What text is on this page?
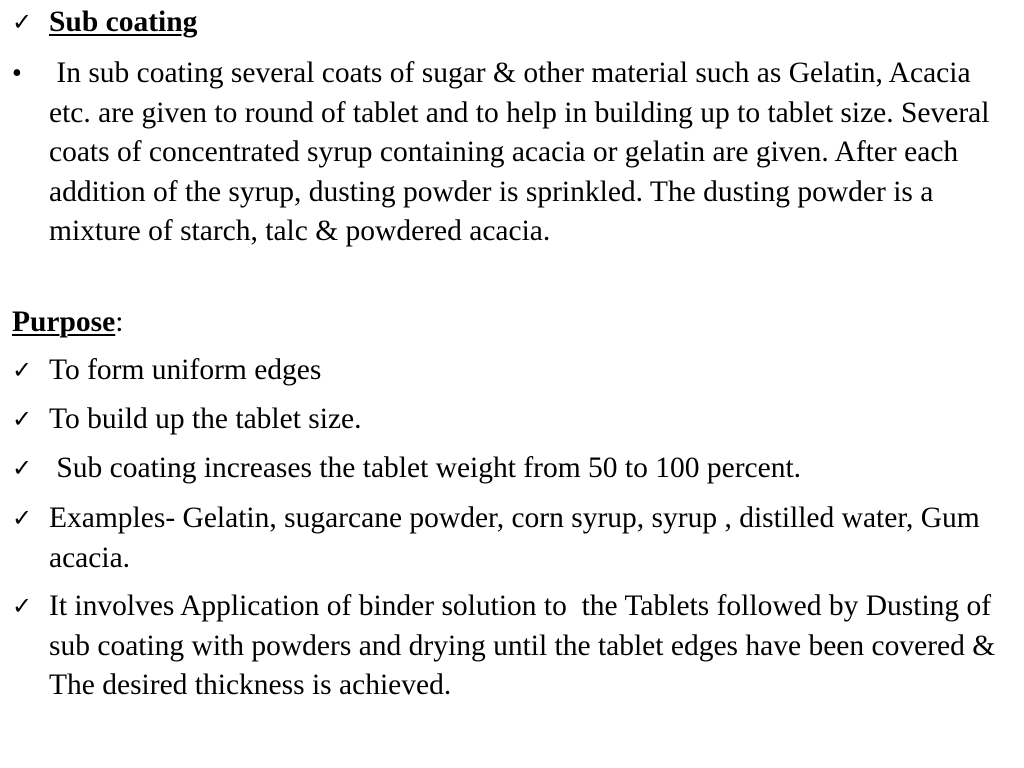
✓ Sub coating
• In sub coating several coats of sugar & other material such as Gelatin, Acacia etc. are given to round of tablet and to help in building up to tablet size. Several coats of concentrated syrup containing acacia or gelatin are given. After each addition of the syrup, dusting powder is sprinkled. The dusting powder is a mixture of starch, talc & powdered acacia.
Purpose:
✓ To form uniform edges
✓ To build up the tablet size.
✓ Sub coating increases the tablet weight from 50 to 100 percent.
✓ Examples- Gelatin, sugarcane powder, corn syrup, syrup , distilled water, Gum acacia.
✓ It involves Application of binder solution to  the Tablets followed by Dusting of sub coating with powders and drying until the tablet edges have been covered & The desired thickness is achieved.
